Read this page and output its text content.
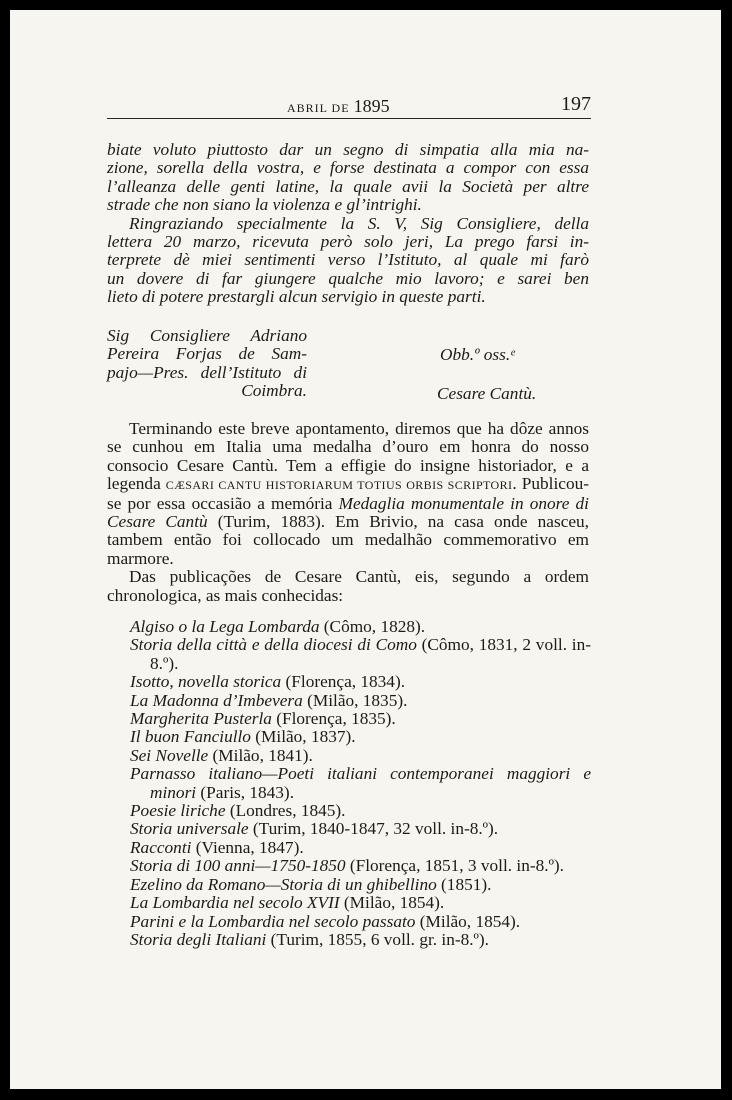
ABRIL DE 1895	197

biate voluto piuttosto dar un segno di simpatia alla mia na-

zione, sorella della vostra, e forse destinata a compor con essa

l’alleanza delle genti latine, la quale avii la Società per altre

strade che non siano la violenza e gl’intrighi.

Ringraziando specialmente la S. V, Sig Consigliere, della

lettera 20 marzo, ricevuta però solo jeri, La prego farsi in-

terprete dè miei sentimenti verso l’Istituto, al quale mi farò

un dovere di far giungere qualche mio lavoro; e sarei ben

lieto di potere prestargli alcun servigio in queste parti.

Sig Consigliere Adriano
Pereira Forjas de Sam-
pajo—Pres. dell’Istituto di
Coimbra.
Obb.º oss.ᵉ
Cesare Cantù.

Terminando este breve apontamento, diremos que ha dôze annos se cunhou em Italia uma medalha d’ouro em honra do nosso consocio Cesare Cantù. Tem a effigie do insigne historiador, e a legenda CÆSARI CANTU HISTORIARUM TOTIUS ORBIS SCRIPTORI. Publicou-se por essa occasião a memória Medaglia monumentale in onore di Cesare Cantù (Turim, 1883). Em Brivio, na casa onde nasceu, tambem então foi collocado um medalhão commemorativo em marmore.

Das publicações de Cesare Cantù, eis, segundo a ordem chronologica, as mais conhecidas:

Algiso o la Lega Lombarda (Cômo, 1828).
Storia della città e della diocesi di Como (Cômo, 1831, 2 voll. in-8.º).
Isotto, novella storica (Florença, 1834).
La Madonna d’Imbevera (Milão, 1835).
Margherita Pusterla (Florença, 1835).
Il buon Fanciullo (Milão, 1837).
Sei Novelle (Milão, 1841).
Parnasso italiano—Poeti italiani contemporanei maggiori e minori (Paris, 1843).
Poesie liriche (Londres, 1845).
Storia universale (Turim, 1840-1847, 32 voll. in-8.º).
Racconti (Vienna, 1847).
Storia di 100 anni—1750-1850 (Florença, 1851, 3 voll. in-8.º).
Ezelino da Romano—Storia di un ghibellino (1851).
La Lombardia nel secolo XVII (Milão, 1854).
Parini e la Lombardia nel secolo passato (Milão, 1854).
Storia degli Italiani (Turim, 1855, 6 voll. gr. in-8.º).
